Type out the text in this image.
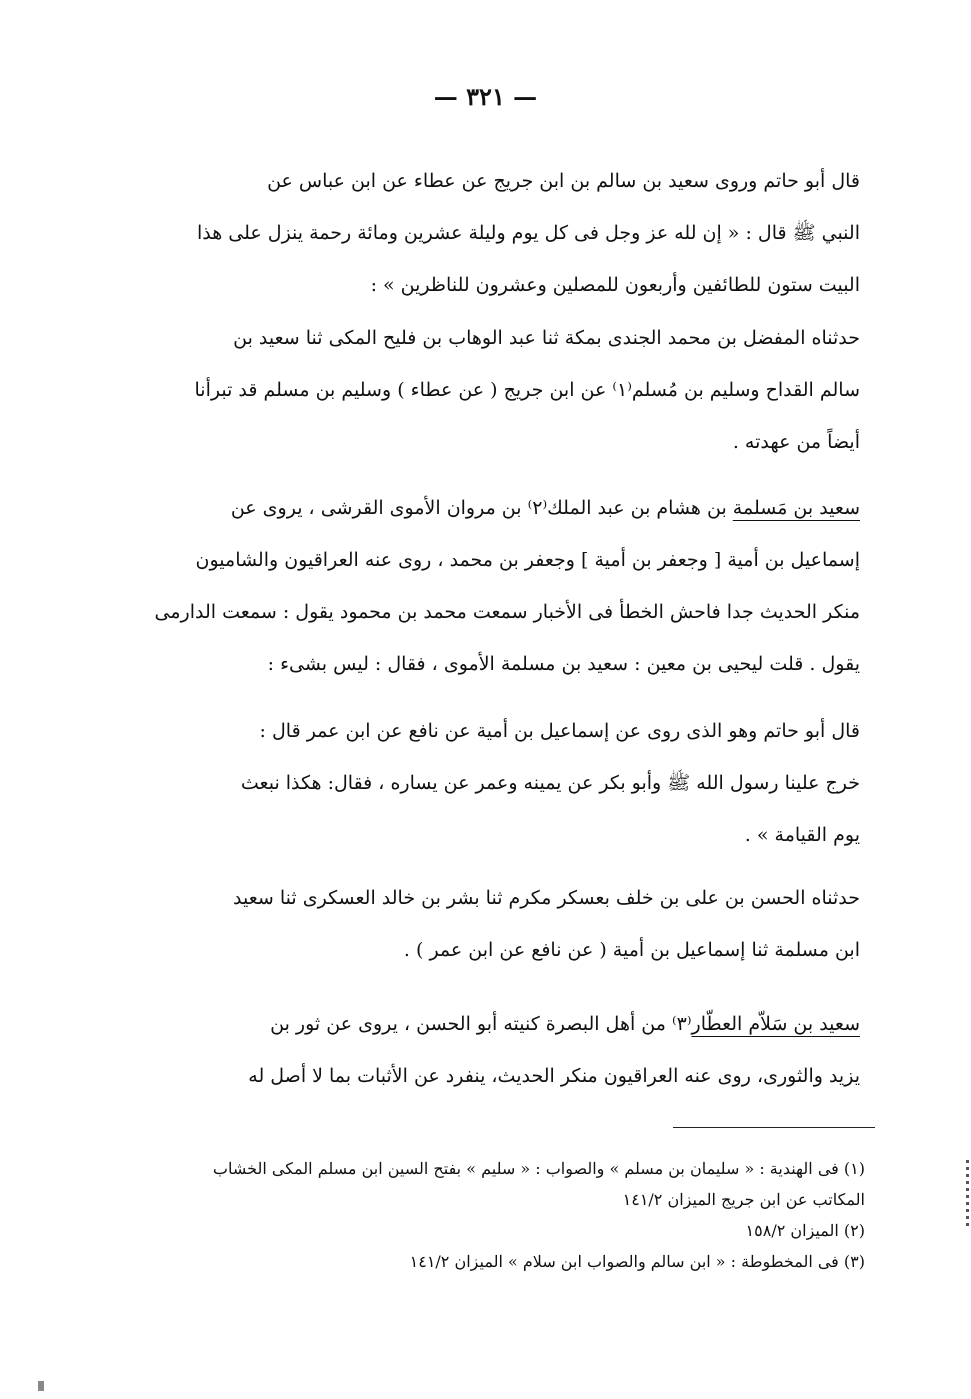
— ٣٢١ —
قال أبو حاتم وروى سعيد بن سالم بن ابن جريج عن عطاء عن ابن عباس عن
النبي ﷺ قال : « إن لله عز وجل فى كل يوم وليلة عشرين ومائة رحمة ينزل على هذا
البيت ستون للطائفين وأربعون للمصلين وعشرون للناظرين » :
حدثناه المفضل بن محمد الجندى بمكة ثنا عبد الوهاب بن فليح المكى ثنا سعيد بن
سالم القداح وسليم بن مُسلم⁽١⁾ عن ابن جريج ( عن عطاء ) وسليم بن مسلم قد تبرأنا
أيضاً من عهدته .
سعيد بن مَسلمة بن هشام بن عبد الملك⁽٢⁾ بن مروان الأموى القرشى ، يروى عن
إسماعيل بن أمية [ وجعفر بن أمية ] وجعفر بن محمد ، روى عنه العراقيون والشاميون
منكر الحديث جدا فاحش الخطأ فى الأخبار سمعت محمد بن محمود يقول : سمعت الدارمى
يقول . قلت ليحيى بن معين : سعيد بن مسلمة الأموى ، فقال : ليس بشىء :
قال أبو حاتم وهو الذى روى عن إسماعيل بن أمية عن نافع عن ابن عمر قال :
خرج علينا رسول الله ﷺ وأبو بكر عن يمينه وعمر عن يساره ، فقال: هكذا نبعث
يوم القيامة » .
حدثناه الحسن بن على بن خلف بعسكر مكرم ثنا بشر بن خالد العسكرى ثنا سعيد
ابن مسلمة ثنا إسماعيل بن أمية ( عن نافع عن ابن عمر ) .
سعيد بن سَلاّم العطّار⁽٣⁾ من أهل البصرة كنيته أبو الحسن ، يروى عن ثور بن
يزيد والثورى، روى عنه العراقيون منكر الحديث، ينفرد عن الأثبات بما لا أصل له
(١) فى الهندية : « سليمان بن مسلم » والصواب : « سليم » بفتح السين ابن مسلم المكى الخشاب
المكاتب عن ابن جريج الميزان ١٤١/٢
(٢) الميزان ١٥٨/٢
(٣) فى المخطوطة : « ابن سالم والصواب ابن سلام » الميزان ١٤١/٢
